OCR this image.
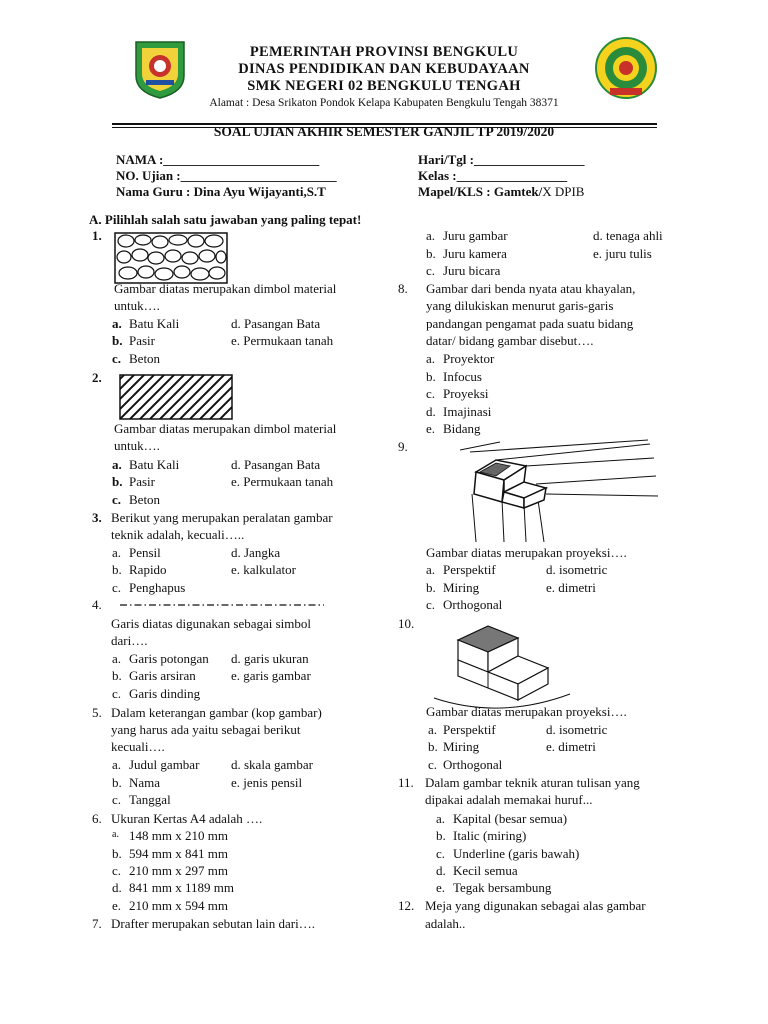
PEMERINTAH PROVINSI BENGKULU
DINAS PENDIDIKAN DAN KEBUDAYAAN
SMK NEGERI 02 BENGKULU TENGAH
Alamat : Desa Srikaton Pondok Kelapa Kabupaten Bengkulu Tengah 38371
SOAL UJIAN AKHIR SEMESTER GANJIL TP 2019/2020
NAMA :________________________
NO. Ujian :________________________
Nama Guru : Dina Ayu Wijayanti,S.T
Hari/Tgl :_________________
Kelas :_________________
Mapel/KLS : Gamtek/X DPIB
A. Pilihlah salah satu jawaban yang paling tepat!
1.
Gambar diatas merupakan dimbol material
untuk….
a. Batu Kali	d. Pasangan Bata
b. Pasir	e. Permukaan tanah
c. Beton
2.
Gambar diatas merupakan dimbol material
untuk….
a. Batu Kali	d. Pasangan Bata
b. Pasir	e. Permukaan tanah
c. Beton
3. Berikut yang merupakan peralatan gambar
teknik adalah, kecuali…..
a. Pensil	d. Jangka
b. Rapido	e. kalkulator
c. Penghapus
4.
Garis diatas digunakan sebagai simbol
dari….
a. Garis potongan d. garis ukuran
b. Garis arsiran	e. garis gambar
c. Garis dinding
5. Dalam keterangan gambar (kop gambar)
yang harus ada yaitu sebagai berikut
kecuali….
a. Judul gambar d. skala gambar
b. Nama	e. jenis pensil
c. Tanggal
6. Ukuran Kertas A4 adalah ….
a. 148 mm x 210 mm
b. 594 mm x 841 mm
c. 210 mm x 297 mm
d. 841 mm x 1189 mm
e. 210 mm x 594 mm
7. Drafter merupakan sebutan lain dari….
a. Juru gambar	d. tenaga ahli
b. Juru kamera	e. juru tulis
c. Juru bicara
8. Gambar dari benda nyata atau khayalan,
yang dilukiskan menurut garis-garis
pandangan pengamat pada suatu bidang
datar/ bidang gambar disebut….
a. Proyektor
b. Infocus
c. Proyeksi
d. Imajinasi
e. Bidang
9.
Gambar diatas merupakan proyeksi….
a. Perspektif	d. isometric
b. Miring	e. dimetri
c. Orthogonal
10.
Gambar diatas merupakan proyeksi….
a. Perspektif	d. isometric
b. Miring	e. dimetri
c. Orthogonal
11. Dalam gambar teknik aturan tulisan yang
dipakai adalah memakai huruf...
a. Kapital (besar semua)
b. Italic (miring)
c. Underline (garis bawah)
d. Kecil semua
e. Tegak bersambung
12. Meja yang digunakan sebagai alas gambar
adalah..
